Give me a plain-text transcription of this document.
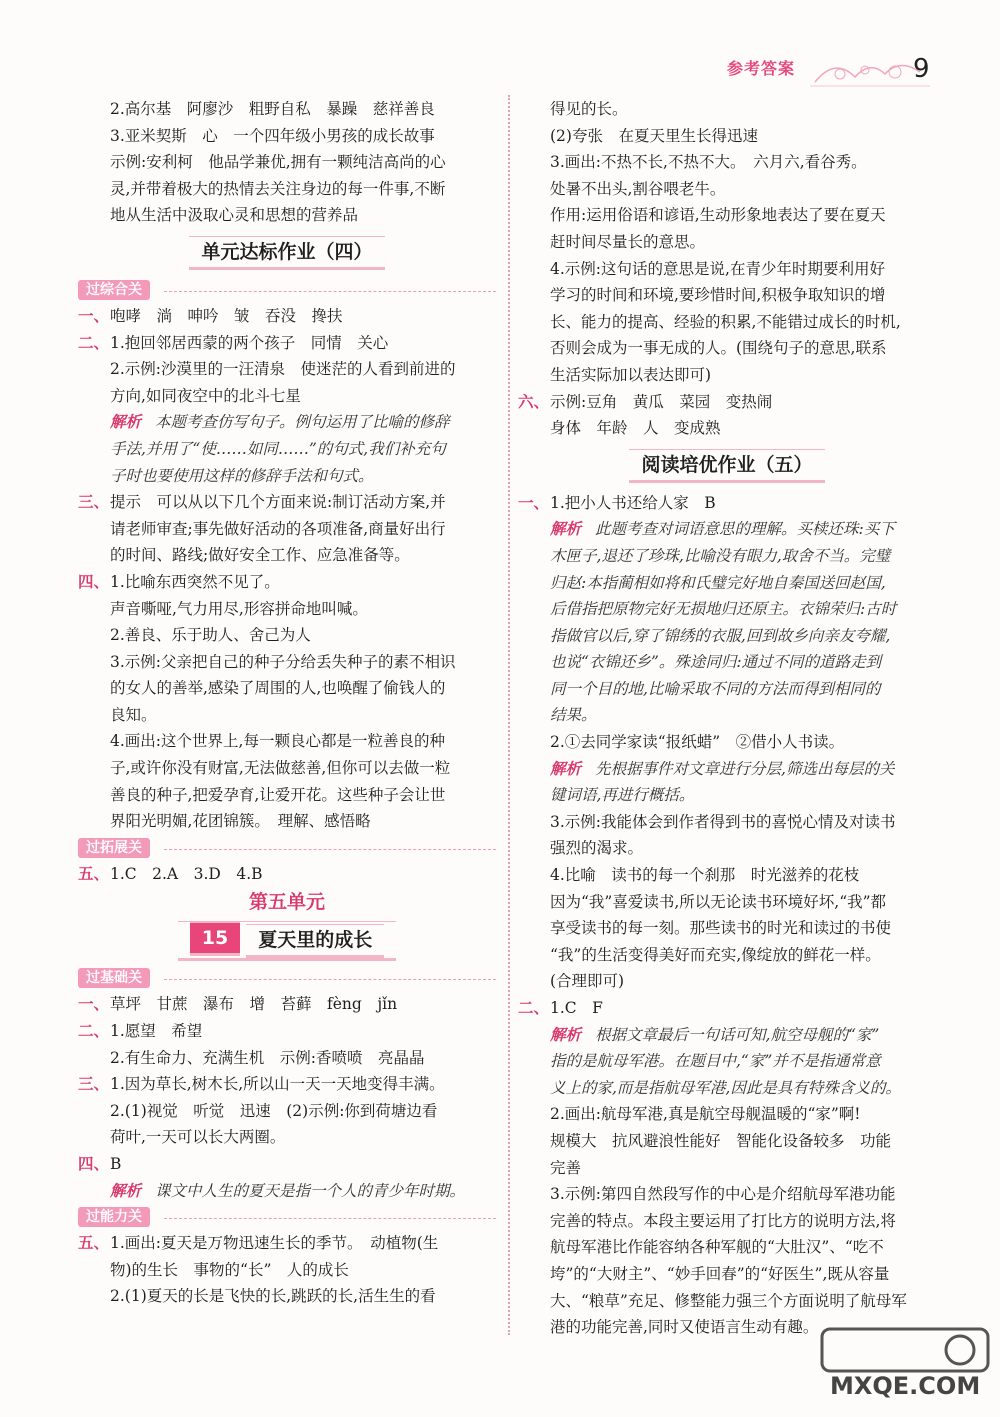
参考答案	9
2.高尔基　阿廖沙　粗野自私　暴躁　慈祥善良
3.亚米契斯　心　一个四年级小男孩的成长故事
示例:安利柯　他品学兼优,拥有一颗纯洁高尚的心
灵,并带着极大的热情去关注身边的每一件事,不断
地从生活中汲取心灵和思想的营养品
单元达标作业（四）
过综合关
一、咆哮　淌　呻吟　皱　吞没　搀扶
二、1.抱回邻居西蒙的两个孩子　同情　关心
2.示例:沙漠里的一汪清泉　使迷茫的人看到前进的
方向,如同夜空中的北斗七星
解析 本题考查仿写句子。例句运用了比喻的修辞
手法,并用了“使……如同……”的句式,我们补充句
子时也要使用这样的修辞手法和句式。
三、提示　可以从以下几个方面来说:制订活动方案,并
请老师审查;事先做好活动的各项准备,商量好出行
的时间、路线;做好安全工作、应急准备等。
四、1.比喻东西突然不见了。
声音嘶哑,气力用尽,形容拼命地叫喊。
2.善良、乐于助人、舍己为人
3.示例:父亲把自己的种子分给丢失种子的素不相识
的女人的善举,感染了周围的人,也唤醒了偷钱人的
良知。
4.画出:这个世界上,每一颗良心都是一粒善良的种
子,或许你没有财富,无法做慈善,但你可以去做一粒
善良的种子,把爱孕育,让爱开花。这些种子会让世
界阳光明媚,花团锦簇。　理解、感悟略
过拓展关
五、1.C　2.A　3.D　4.B
第五单元
15 夏天里的成长
过基础关
一、草坪　甘蔗　瀑布　增　苔藓　fèng　jǐn
二、1.愿望　希望
2.有生命力、充满生机　示例:香喷喷　亮晶晶
三、1.因为草长,树木长,所以山一天一天地变得丰满。
2.(1)视觉　听觉　迅速　(2)示例:你到荷塘边看
荷叶,一天可以长大两圈。
四、B
解析 课文中人生的夏天是指一个人的青少年时期。
过能力关
五、1.画出:夏天是万物迅速生长的季节。　动植物(生
物)的生长　事物的“长”　人的成长
2.(1)夏天的长是飞快的长,跳跃的长,活生生的看
得见的长。
(2)夸张　在夏天里生长得迅速
3.画出:不热不长,不热不大。　六月六,看谷秀。
处暑不出头,割谷喂老牛。
作用:运用俗语和谚语,生动形象地表达了要在夏天
赶时间尽量长的意思。
4.示例:这句话的意思是说,在青少年时期要利用好
学习的时间和环境,要珍惜时间,积极争取知识的增
长、能力的提高、经验的积累,不能错过成长的时机,
否则会成为一事无成的人。(围绕句子的意思,联系
生活实际加以表达即可)
六、示例:豆角　黄瓜　菜园　变热闹
身体　年龄　人　变成熟
阅读培优作业（五）
一、1.把小人书还给人家　B
解析 此题考查对词语意思的理解。买椟还珠:买下
木匣子,退还了珍珠,比喻没有眼力,取舍不当。完璧
归赵:本指蔺相如将和氏璧完好地自秦国送回赵国,
后借指把原物完好无损地归还原主。衣锦荣归:古时
指做官以后,穿了锦绣的衣服,回到故乡向亲友夸耀,
也说“衣锦还乡”。殊途同归:通过不同的道路走到
同一个目的地,比喻采取不同的方法而得到相同的
结果。
2.①去同学家读“报纸蜡”　②借小人书读。
解析 先根据事件对文章进行分层,筛选出每层的关
键词语,再进行概括。
3.示例:我能体会到作者得到书的喜悦心情及对读书
强烈的渴求。
4.比喻　读书的每一个刹那　时光滋养的花枝
因为“我”喜爱读书,所以无论读书环境好坏,“我”都
享受读书的每一刻。那些读书的时光和读过的书使
“我”的生活变得美好而充实,像绽放的鲜花一样。
(合理即可)
二、1.C　F
解析 根据文章最后一句话可知,航空母舰的“家”
指的是航母军港。在题目中,“家”并不是指通常意
义上的家,而是指航母军港,因此是具有特殊含义的。
2.画出:航母军港,真是航空母舰温暖的“家”啊!
规模大　抗风避浪性能好　智能化设备较多　功能
完善
3.示例:第四自然段写作的中心是介绍航母军港功能
完善的特点。本段主要运用了打比方的说明方法,将
航母军港比作能容纳各种军舰的“大肚汉”、“吃不
垮”的“大财主”、“妙手回春”的“好医生”,既从容量
大、“粮草”充足、修整能力强三个方面说明了航母军
港的功能完善,同时又使语言生动有趣。
MXQE.COM
